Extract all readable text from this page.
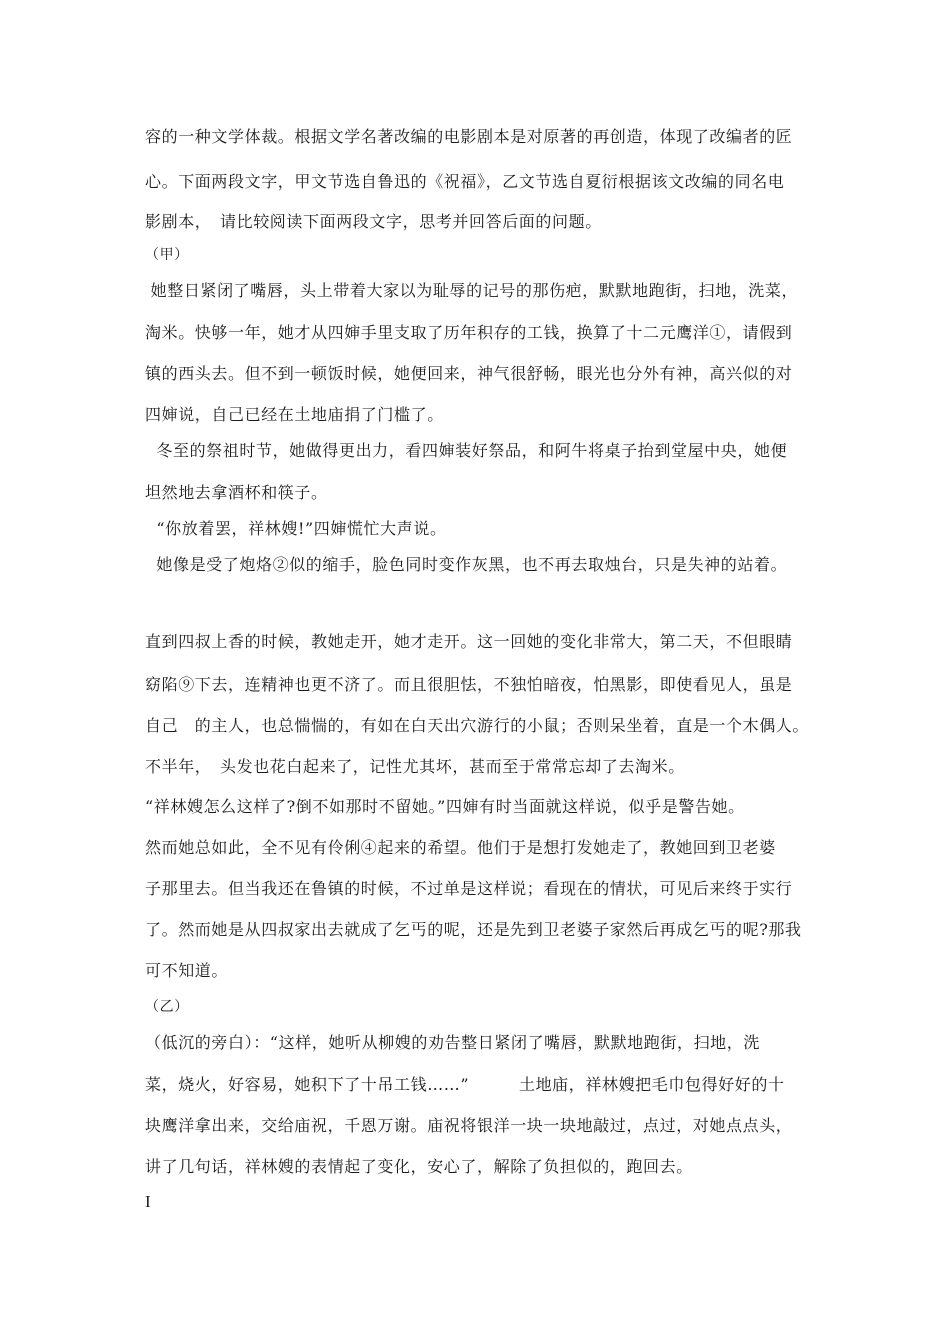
容的一种文学体裁。根据文学名著改编的电影剧本是对原著的再创造，体现了改编者的匠
心。下面两段文字，甲文节选自鲁迅的《祝福》，乙文节选自夏衍根据该文改编的同名电
影剧本，　请比较阅读下面两段文字，思考并回答后面的问题。
（甲）
她整日紧闭了嘴唇，头上带着大家以为耻辱的记号的那伤疤，默默地跑街，扫地，洗菜，
淘米。快够一年，她才从四婶手里支取了历年积存的工钱，换算了十二元鹰洋①，请假到
镇的西头去。但不到一顿饭时候，她便回来，神气很舒畅，眼光也分外有神，高兴似的对
四婶说，自己已经在土地庙捐了门槛了。
冬至的祭祖时节，她做得更出力，看四婶装好祭品，和阿牛将桌子抬到堂屋中央，她便
坦然地去拿酒杯和筷子。
“你放着罢，祥林嫂!”四婶慌忙大声说。
她像是受了炮烙②似的缩手，脸色同时变作灰黑，也不再去取烛台，只是失神的站着。
直到四叔上香的时候，教她走开，她才走开。这一回她的变化非常大，第二天，不但眼睛
窈陷⑨下去，连精神也更不济了。而且很胆怯，不独怕暗夜，怕黑影，即使看见人，虽是
自己　的主人，也总惴惴的，有如在白天出穴游行的小鼠；否则呆坐着，直是一个木偶人。
不半年，　头发也花白起来了，记性尤其坏，甚而至于常常忘却了去淘米。
“祥林嫂怎么这样了?倒不如那时不留她。”四婶有时当面就这样说，似乎是警告她。
然而她总如此，全不见有伶俐④起来的希望。他们于是想打发她走了，教她回到卫老婆
子那里去。但当我还在鲁镇的时候，不过单是这样说；看现在的情状，可见后来终于实行
了。然而她是从四叔家出去就成了乞丐的呢，还是先到卫老婆子家然后再成乞丐的呢?那我
可不知道。
（乙）
（低沉的旁白）：“这样，她听从柳嫂的劝告整日紧闭了嘴唇，默默地跑街，扫地，洗
菜，烧火，好容易，她积下了十吊工钱……”　　　土地庙，祥林嫂把毛巾包得好好的十
块鹰洋拿出来，交给庙祝，千恩万谢。庙祝将银洋一块一块地敲过，点过，对她点点头，
讲了几句话，祥林嫂的表情起了变化，安心了，解除了负担似的，跑回去。
I
